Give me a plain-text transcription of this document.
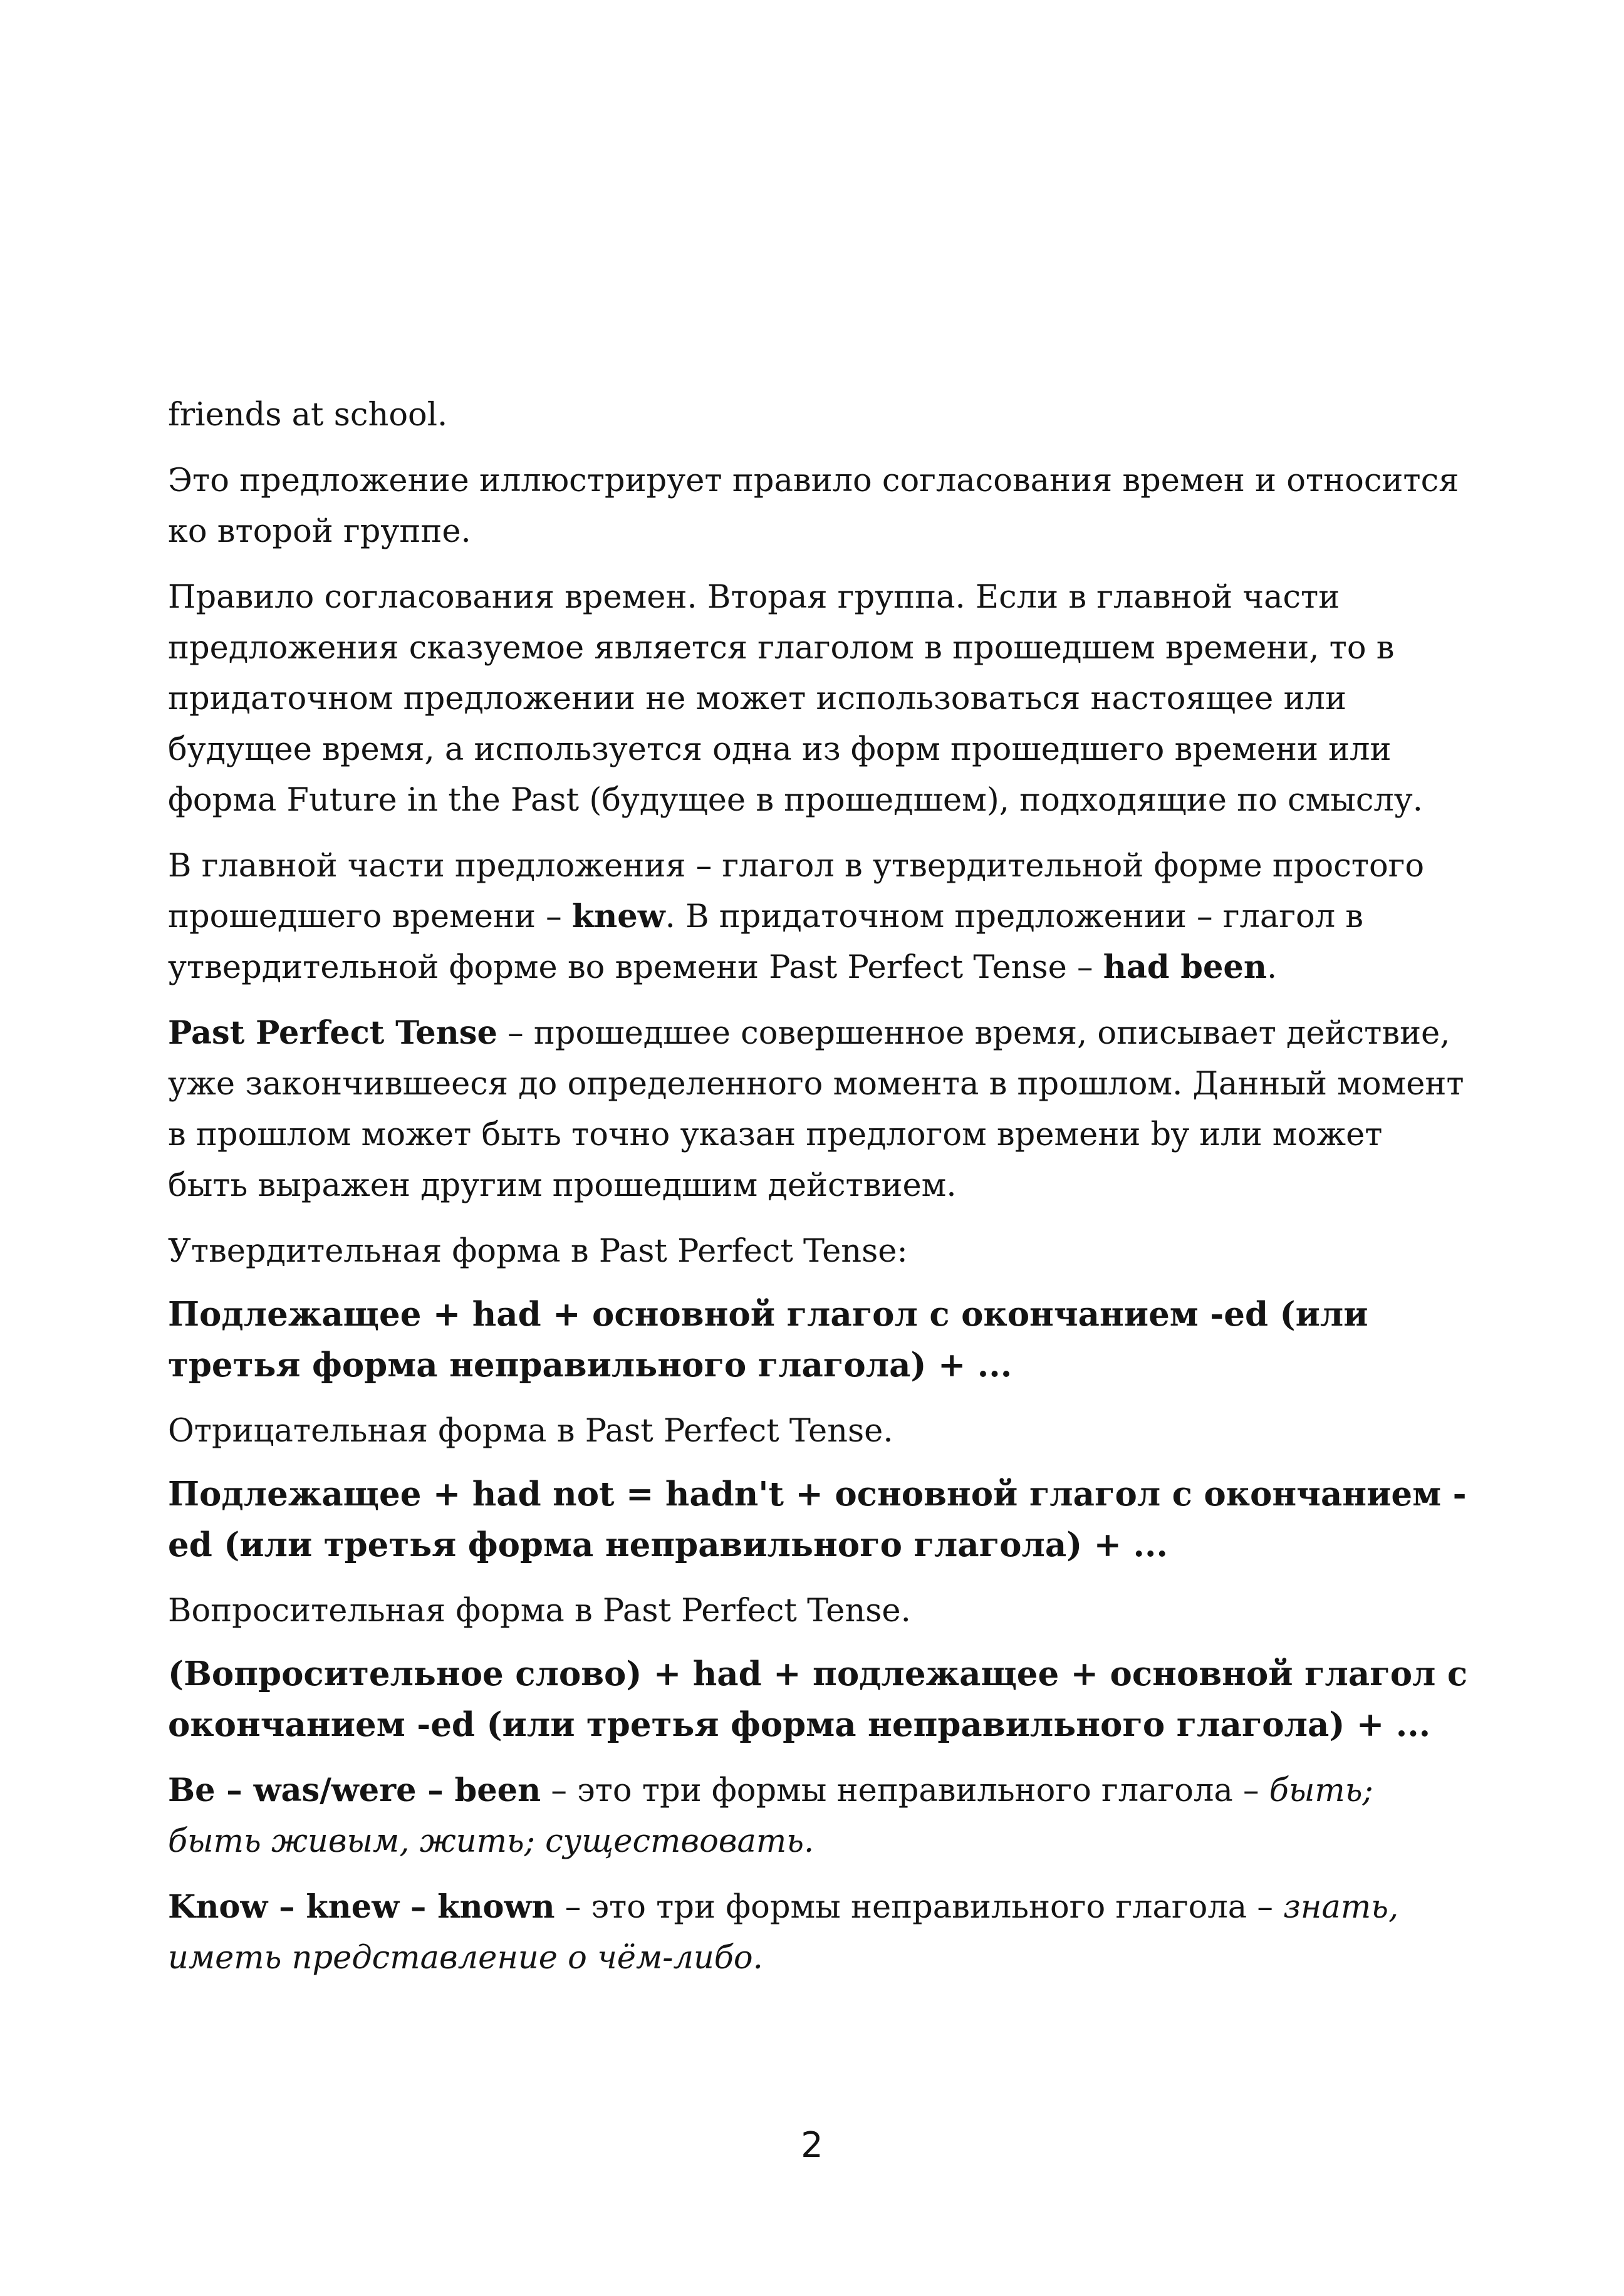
friends at school.

Это предложение иллюстрирует правило согласования времен и относится ко второй группе.

Правило согласования времен. Вторая группа. Если в главной части предложения сказуемое является глаголом в прошедшем времени, то в придаточном предложении не может использоваться настоящее или будущее время, а используется одна из форм прошедшего времени или форма Future in the Past (будущее в прошедшем), подходящие по смыслу.

В главной части предложения – глагол в утвердительной форме простого прошедшего времени – knew. В придаточном предложении – глагол в утвердительной форме во времени Past Perfect Tense – had been.

Past Perfect Tense – прошедшее совершенное время, описывает действие, уже закончившееся до определенного момента в прошлом. Данный момент в прошлом может быть точно указан предлогом времени by или может быть выражен другим прошедшим действием.

Утвердительная форма в Past Perfect Tense:

Подлежащее + had + основной глагол с окончанием -ed (или третья форма неправильного глагола) + ...

Отрицательная форма в Past Perfect Tense.

Подлежащее + had not = hadn't + основной глагол с окончанием -ed (или третья форма неправильного глагола) + ...

Вопросительная форма в Past Perfect Tense.

(Вопросительное слово) + had + подлежащее + основной глагол с окончанием -ed (или третья форма неправильного глагола) + ...

Be – was/were – been – это три формы неправильного глагола – быть; быть живым, жить; существовать.

Know – knew – known – это три формы неправильного глагола – знать, иметь представление о чём-либо.

2
